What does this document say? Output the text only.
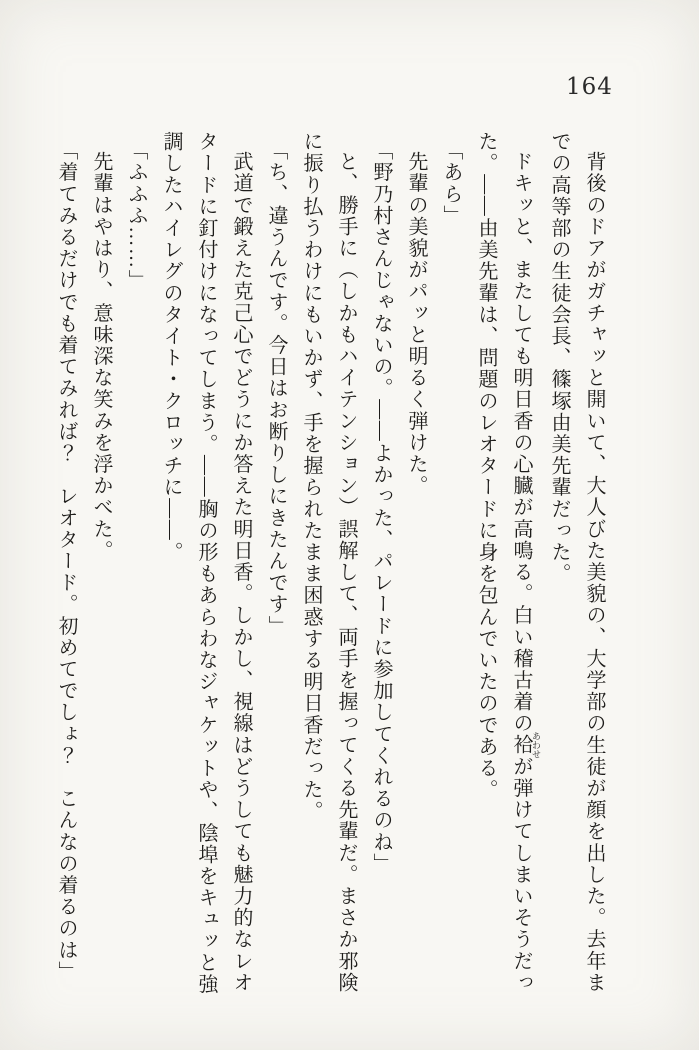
164
背後のドアがガチャッと開いて、大人びた美貌の、大学部の生徒が顔を出した。去年ま
での高等部の生徒会長、篠塚由美先輩だった。
ドキッと、またしても明日香の心臓が高鳴る。白い稽古着の袷 あわせが弾けてしまいそうだっ
た。――由美先輩は、問題のレオタードに身を包んでいたのである。
「あら」
先輩の美貌がパッと明るく弾けた。
「野乃村さんじゃないの。――よかった、パレードに参加してくれるのね」
と、勝手に（しかもハイテンション）誤解して、両手を握ってくる先輩だ。まさか邪険
に振り払うわけにもいかず、手を握られたまま困惑する明日香だった。
「ち、違うんです。今日はお断りしにきたんです」
武道で鍛えた克己心でどうにか答えた明日香。しかし、視線はどうしても魅力的なレオ
タードに釘付けになってしまう。――胸の形もあらわなジャケットや、陰埠をキュッと強
調したハイレグのタイト・クロッチに――。
「ふふふ……」
先輩はやはり、意味深な笑みを浮かべた。
「着てみるだけでも着てみれば？　レオタード。初めてでしょ？　こんなの着るのは」
